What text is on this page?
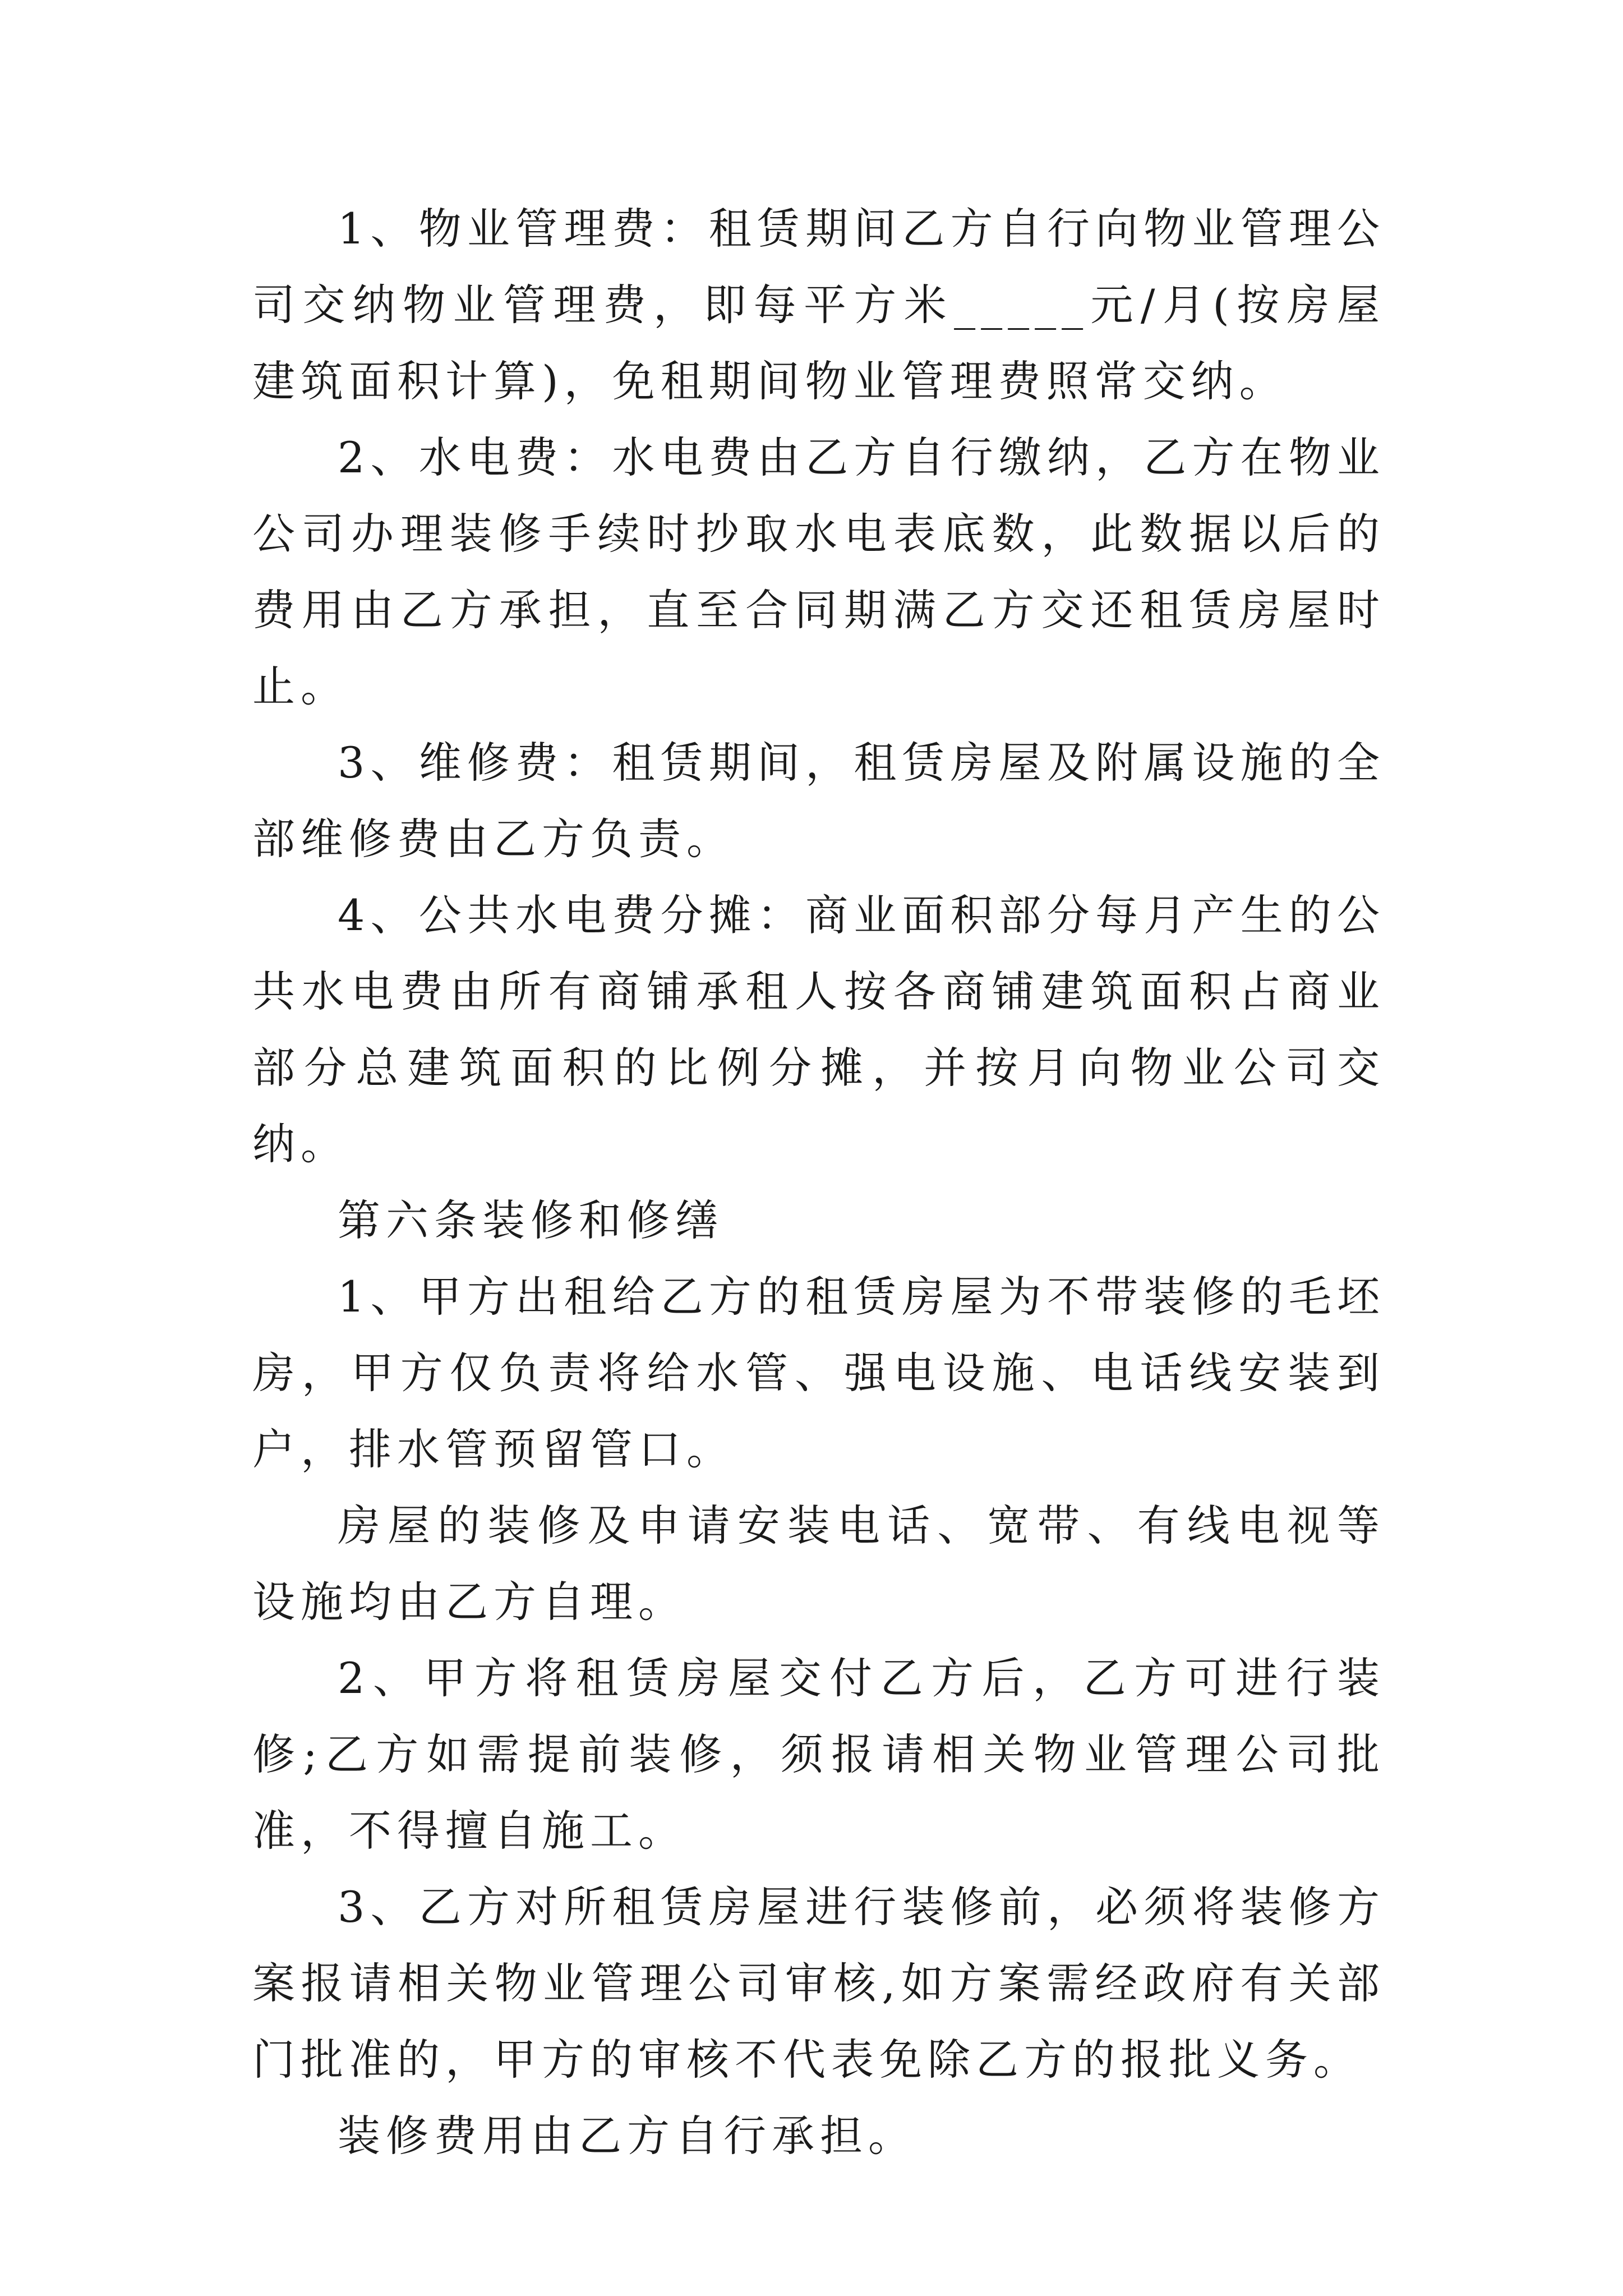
1、物业管理费：租赁期间乙方自行向物业管理公司交纳物业管理费，即每平方米_____元/月(按房屋建筑面积计算)，免租期间物业管理费照常交纳。

2、水电费：水电费由乙方自行缴纳，乙方在物业公司办理装修手续时抄取水电表底数，此数据以后的费用由乙方承担，直至合同期满乙方交还租赁房屋时止。

3、维修费：租赁期间，租赁房屋及附属设施的全部维修费由乙方负责。

4、公共水电费分摊：商业面积部分每月产生的公共水电费由所有商铺承租人按各商铺建筑面积占商业部分总建筑面积的比例分摊，并按月向物业公司交纳。

第六条装修和修缮

1、甲方出租给乙方的租赁房屋为不带装修的毛坯房，甲方仅负责将给水管、强电设施、电话线安装到户，排水管预留管口。

房屋的装修及申请安装电话、宽带、有线电视等设施均由乙方自理。

2、甲方将租赁房屋交付乙方后，乙方可进行装修;乙方如需提前装修，须报请相关物业管理公司批准，不得擅自施工。

3、乙方对所租赁房屋进行装修前，必须将装修方案报请相关物业管理公司审核,如方案需经政府有关部门批准的，甲方的审核不代表免除乙方的报批义务。

装修费用由乙方自行承担。
